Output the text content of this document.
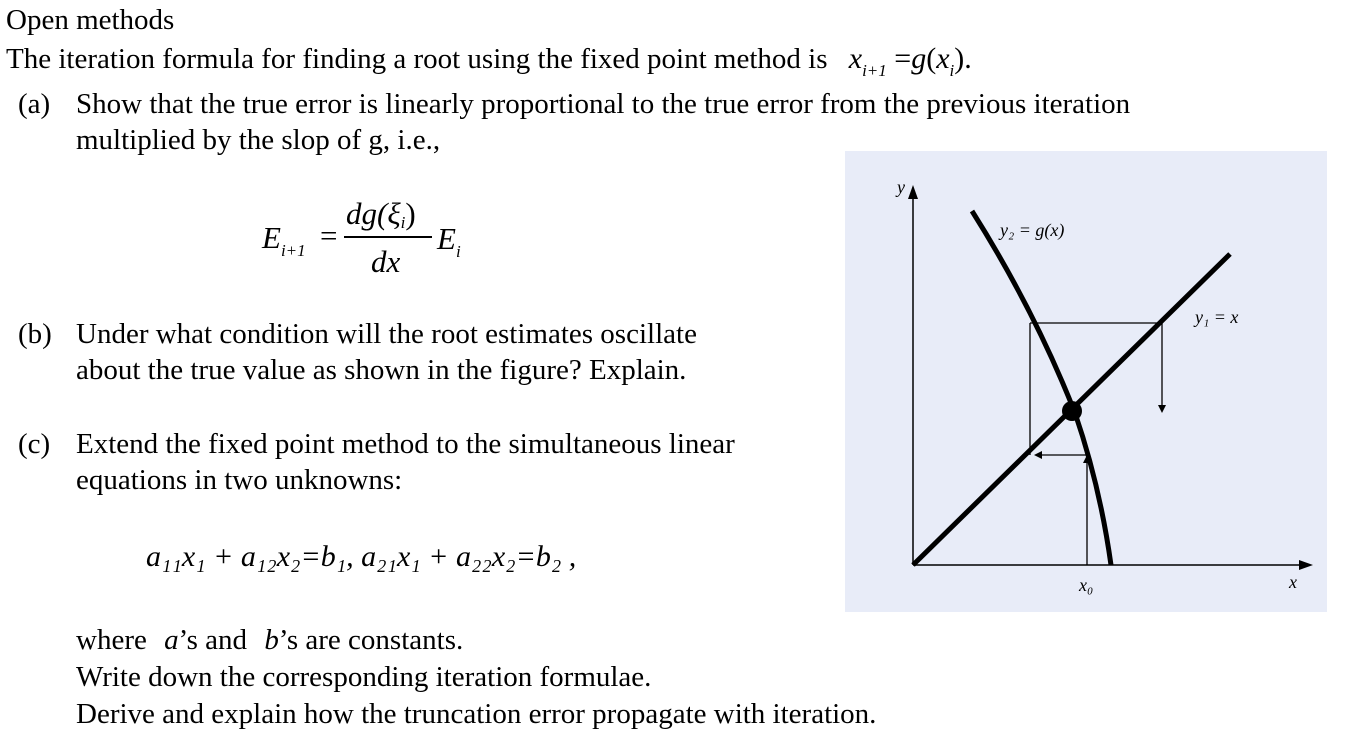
Open methods
The iteration formula for finding a root using the fixed point method is $x_{i+1} =g(x_i)$.
(a) Show that the true error is linearly proportional to the true error from the previous iteration
multiplied by the slop of g, i.e.,
$E_{i+1}$ =
dg(ξi)
dx
$E_i$
(b) Under what condition will the root estimates oscillate
about the true value as shown in the figure? Explain.
(c) Extend the fixed point method to the simultaneous linear
equations in two unknowns:
a₁₁x₁ + a₁₂x₂=b₁, a₂₁x₁ + a₂₂x₂=b₂ ,
where a’s and b’s are constants.
Write down the corresponding iteration formulae.
Derive and explain how the truncation error propagate with iteration.
y
x
y₂ = g(x)
y₁ = x
x₀
